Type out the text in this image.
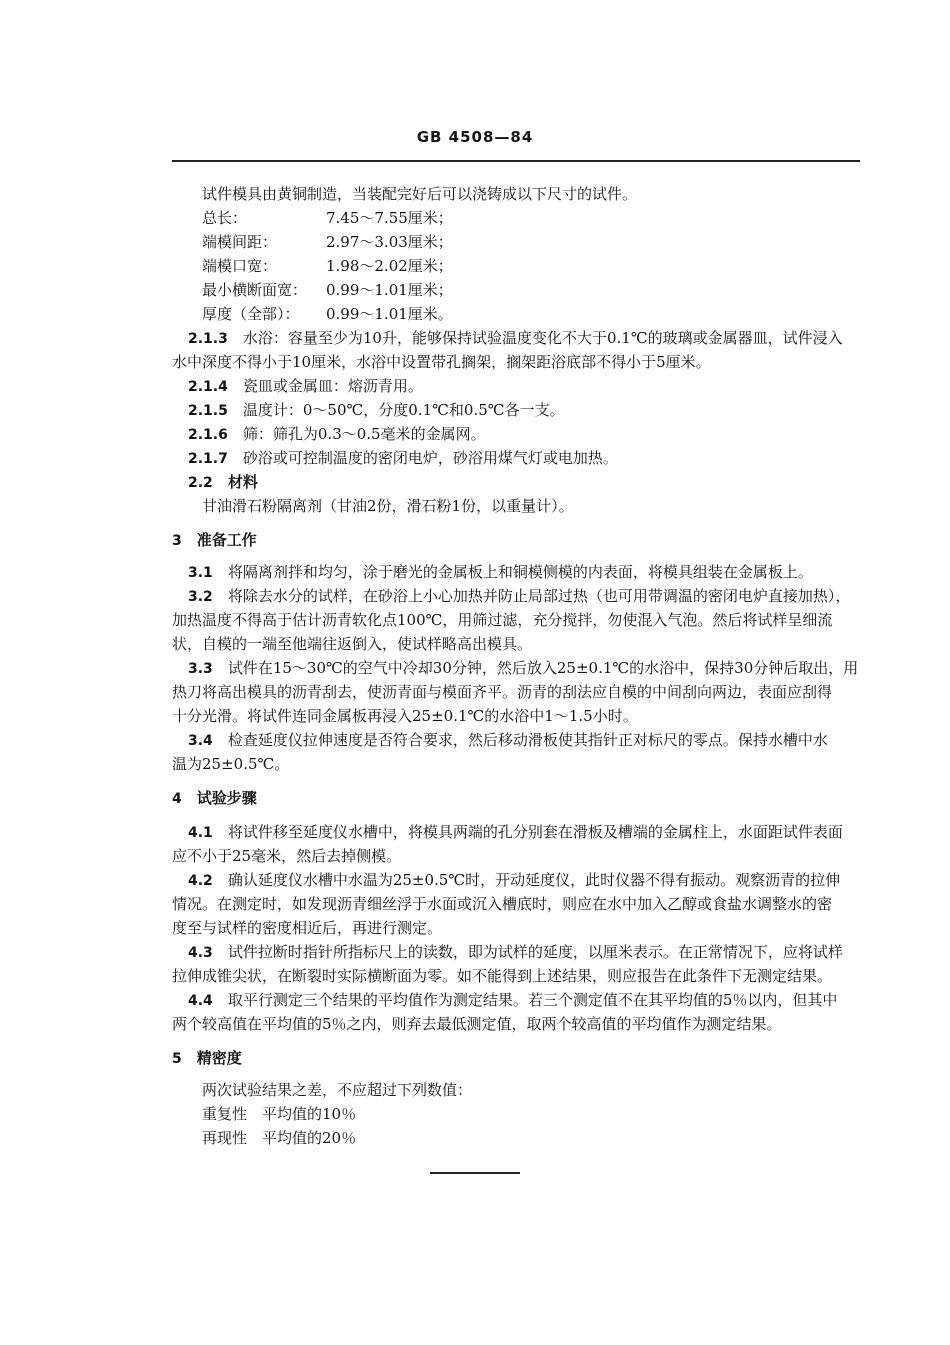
GB 4508—84
试件模具由黄铜制造，当装配完好后可以浇铸成以下尺寸的试件。
总长：	7.45～7.55厘米；
端模间距：	2.97～3.03厘米；
端模口宽：	1.98～2.02厘米；
最小横断面宽： 0.99～1.01厘米；
厚度（全部）： 0.99～1.01厘米。
2.1.3　 水浴：容量至少为10升，能够保持试验温度变化不大于0.1℃的玻璃或金属器皿，试件浸入
水中深度不得小于10厘米，水浴中设置带孔搁架，搁架距浴底部不得小于5厘米。
2.1.4　 瓷皿或金属皿：熔沥青用。
2.1.5　 温度计：0～50℃，分度0.1℃和0.5℃各一支。
2.1.6　 筛：筛孔为0.3～0.5毫米的金属网。
2.1.7　 砂浴或可控制温度的密闭电炉，砂浴用煤气灯或电加热。
2.2　 材料
甘油滑石粉隔离剂（甘油2份，滑石粉1份，以重量计）。
3　 准备工作
3.1　 将隔离剂拌和均匀，涂于磨光的金属板上和铜模侧模的内表面，将模具组装在金属板上。
3.2　 将除去水分的试样，在砂浴上小心加热并防止局部过热（也可用带调温的密闭电炉直接加热），
加热温度不得高于估计沥青软化点100℃，用筛过滤，充分搅拌，勿使混入气泡。然后将试样呈细流
状，自模的一端至他端往返倒入，使试样略高出模具。
3.3　 试件在15～30℃的空气中冷却30分钟，然后放入25±0.1℃的水浴中，保持30分钟后取出，用
热刀将高出模具的沥青刮去，使沥青面与模面齐平。沥青的刮法应自模的中间刮向两边，表面应刮得
十分光滑。将试件连同金属板再浸入25±0.1℃的水浴中1～1.5小时。
3.4　 检查延度仪拉伸速度是否符合要求，然后移动滑板使其指针正对标尺的零点。保持水槽中水
温为25±0.5℃。
4　 试验步骤
4.1　 将试件移至延度仪水槽中，将模具两端的孔分别套在滑板及槽端的金属柱上，水面距试件表面
应不小于25毫米，然后去掉侧模。
4.2　 确认延度仪水槽中水温为25±0.5℃时，开动延度仪，此时仪器不得有振动。观察沥青的拉伸
情况。在测定时，如发现沥青细丝浮于水面或沉入槽底时，则应在水中加入乙醇或食盐水调整水的密
度至与试样的密度相近后，再进行测定。
4.3　 试件拉断时指针所指标尺上的读数，即为试样的延度，以厘米表示。在正常情况下，应将试样
拉伸成锥尖状，在断裂时实际横断面为零。如不能得到上述结果，则应报告在此条件下无测定结果。
4.4　 取平行测定三个结果的平均值作为测定结果。若三个测定值不在其平均值的5％以内，但其中
两个较高值在平均值的5％之内，则弃去最低测定值，取两个较高值的平均值作为测定结果。
5　 精密度
两次试验结果之差，不应超过下列数值：
重复性　平均值的10％
再现性　平均值的20％
